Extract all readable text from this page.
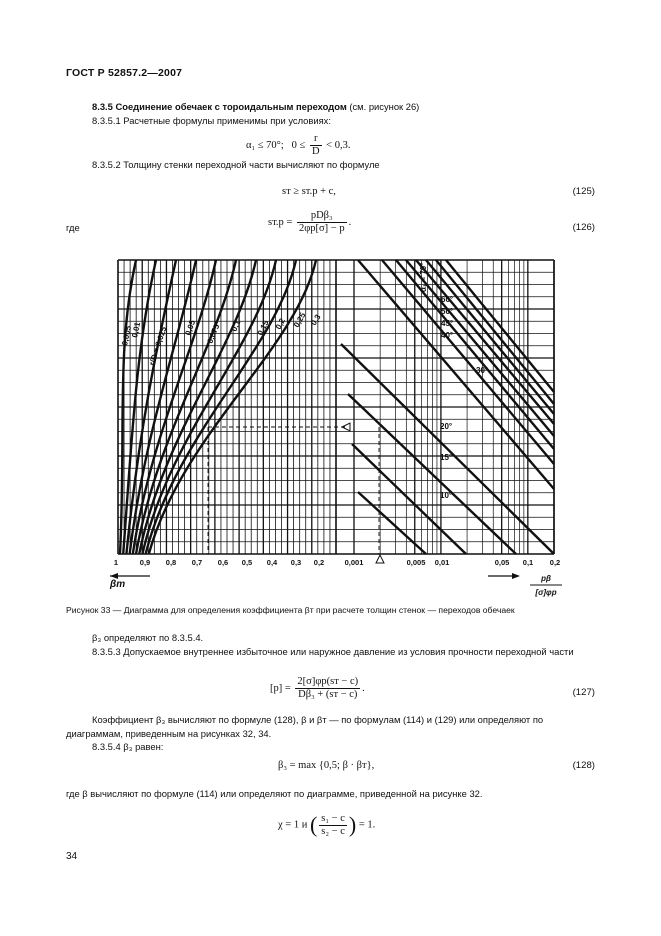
ГОСТ Р 52857.2—2007
8.3.5 Соединение обечаек с тороидальным переходом (см. рисунок 26)
8.3.5.1 Расчетные формулы применимы при условиях:
α₁ ≤ 70°; $0 \le \frac{r}{D} < 0,3$.
8.3.5.2 Толщину стенки переходной части вычисляют по формуле
sт ≥ sт.р + c,	(125)
где	$sт.р = \frac{\text{pDβ₃}}{2\varphi р[\sigma] - p}$ .	(126)
0,005
0,01 r/D = 0,025 0,05 0,075 0,1 0,15 0,2 0,25 0,3
α₁ = 70°
60°
50°
45°
40°
30°
20°
15°
10°
1	0,9 0,8 0,7 0,6 0,5 0,4 0,3 0,2	0,001	0,005 0,01	0,05 0,1 0,2
βт
pβ
[σ]φр
Рисунок 33 — Диаграмма для определения коэффициента βт при расчете толщин стенок — переходов обечаек
β₃ определяют по 8.3.5.4.
8.3.5.3 Допускаемое внутреннее избыточное или наружное давление из условия прочности переходной части
$[p] = \frac{2[\sigma]\varphi р(sт - c)}{\text{Dβ₃ + (sт − c)}}$ .	(127)
Коэффициент β₃ вычисляют по формуле (128), β и βт — по формулам (114) и (129) или определяют по диаграммам, приведенным на рисунках 32, 34.
8.3.5.4 β₃ равен:
β₃ = max {0,5; β · βт},	(128)
где β вычисляют по формуле (114) или определяют по диаграмме, приведенной на рисунке 32.
χ = 1 и ( $\frac{\text{s₁ − c}}{\text{s₂ − c}}$ ) = 1.
34
